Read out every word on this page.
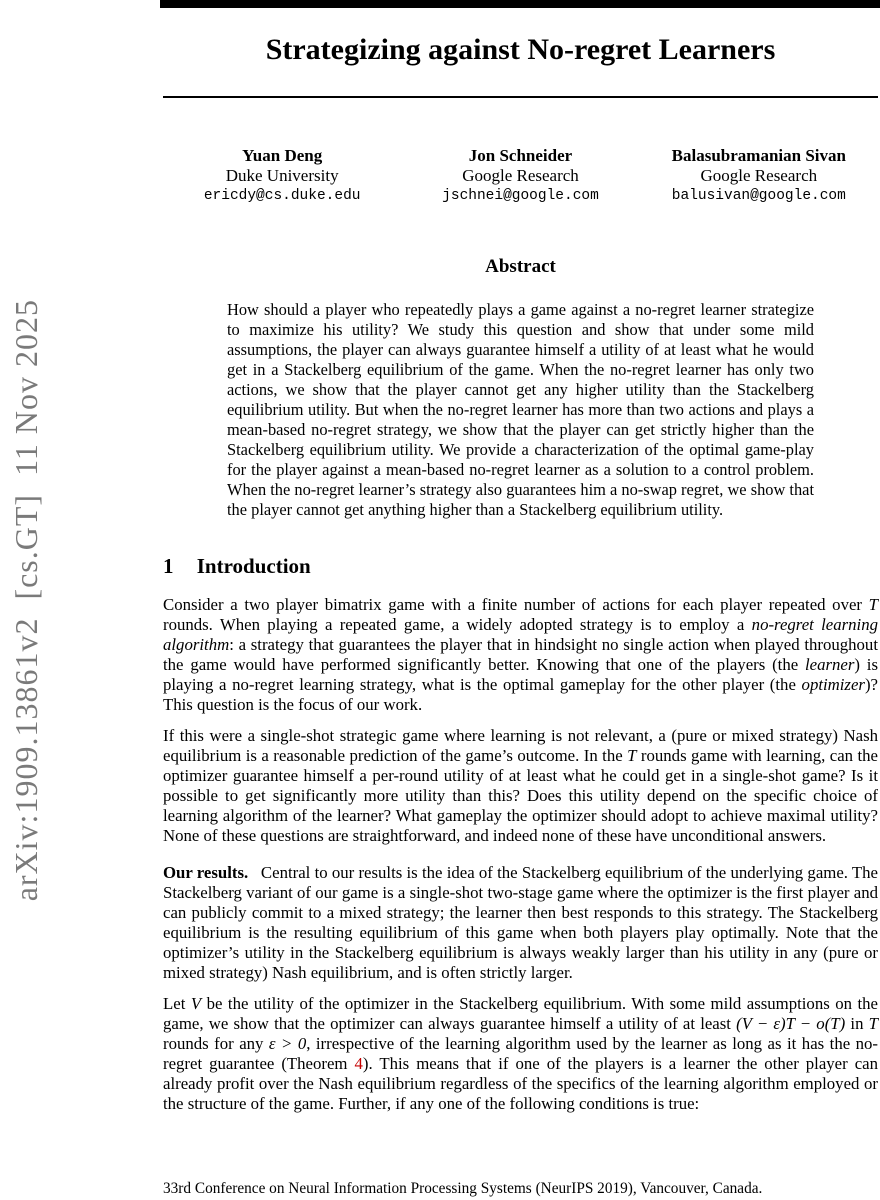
arXiv:1909.13861v2  [cs.GT]  11 Nov 2025
Strategizing against No-regret Learners
Yuan Deng
Duke University
ericdy@cs.duke.edu
Jon Schneider
Google Research
jschnei@google.com
Balasubramanian Sivan
Google Research
balusivan@google.com
Abstract

How should a player who repeatedly plays a game against a no-regret learner strategize to maximize his utility? We study this question and show that under some mild assumptions, the player can always guarantee himself a utility of at least what he would get in a Stackelberg equilibrium of the game. When the no-regret learner has only two actions, we show that the player cannot get any higher utility than the Stackelberg equilibrium utility. But when the no-regret learner has more than two actions and plays a mean-based no-regret strategy, we show that the player can get strictly higher than the Stackelberg equilibrium utility. We provide a characterization of the optimal game-play for the player against a mean-based no-regret learner as a solution to a control problem. When the no-regret learner’s strategy also guarantees him a no-swap regret, we show that the player cannot get anything higher than a Stackelberg equilibrium utility.

1 Introduction

Consider a two player bimatrix game with a finite number of actions for each player repeated over T rounds. When playing a repeated game, a widely adopted strategy is to employ a no-regret learning algorithm: a strategy that guarantees the player that in hindsight no single action when played throughout the game would have performed significantly better. Knowing that one of the players (the learner) is playing a no-regret learning strategy, what is the optimal gameplay for the other player (the optimizer)? This question is the focus of our work.

If this were a single-shot strategic game where learning is not relevant, a (pure or mixed strategy) Nash equilibrium is a reasonable prediction of the game’s outcome. In the T rounds game with learning, can the optimizer guarantee himself a per-round utility of at least what he could get in a single-shot game? Is it possible to get significantly more utility than this? Does this utility depend on the specific choice of learning algorithm of the learner? What gameplay the optimizer should adopt to achieve maximal utility? None of these questions are straightforward, and indeed none of these have unconditional answers.

Our results.   Central to our results is the idea of the Stackelberg equilibrium of the underlying game. The Stackelberg variant of our game is a single-shot two-stage game where the optimizer is the first player and can publicly commit to a mixed strategy; the learner then best responds to this strategy. The Stackelberg equilibrium is the resulting equilibrium of this game when both players play optimally. Note that the optimizer’s utility in the Stackelberg equilibrium is always weakly larger than his utility in any (pure or mixed strategy) Nash equilibrium, and is often strictly larger.

Let V be the utility of the optimizer in the Stackelberg equilibrium. With some mild assumptions on the game, we show that the optimizer can always guarantee himself a utility of at least (V − ε)T − o(T) in T rounds for any ε > 0, irrespective of the learning algorithm used by the learner as long as it has the no-regret guarantee (Theorem 4). This means that if one of the players is a learner the other player can already profit over the Nash equilibrium regardless of the specifics of the learning algorithm employed or the structure of the game. Further, if any one of the following conditions is true:

33rd Conference on Neural Information Processing Systems (NeurIPS 2019), Vancouver, Canada.
